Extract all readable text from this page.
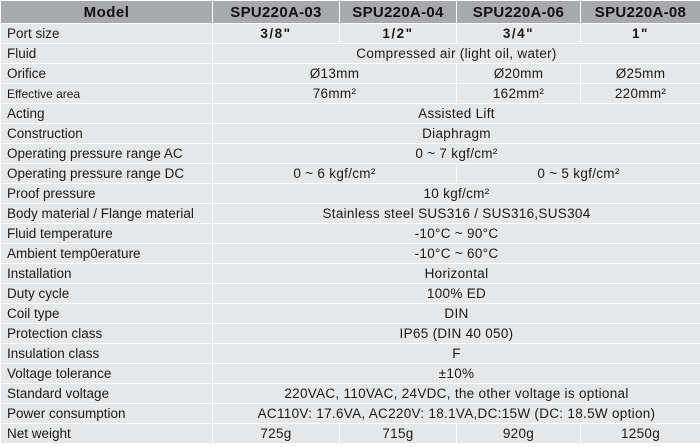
Model	SPU220A-03	SPU220A-04	SPU220A-06	SPU220A-08
Port size	3/8"	1/2"	3/4"	1"
Fluid	Compressed air (light oil, water)			
Orifice	Ø13mm		Ø20mm	Ø25mm
Effective area	76mm²		162mm²	220mm²
Acting	Assisted Lift			
Construction	Diaphragm			
Operating pressure range AC	0 ~ 7 kgf/cm²			
Operating pressure range DC	0 ~ 6 kgf/cm²		0 ~ 5 kgf/cm²	
Proof pressure	10 kgf/cm²			
Body material / Flange material	Stainless steel SUS316 / SUS316,SUS304			
Fluid temperature	-10°C ~ 90°C			
Ambient temp0erature	-10°C ~ 60°C			
Installation	Horizontal			
Duty cycle	100% ED			
Coil type	DIN			
Protection class	IP65 (DIN 40 050)			
Insulation class	F			
Voltage tolerance	±10%			
Standard voltage	220VAC, 110VAC, 24VDC, the other voltage is optional			
Power consumption	AC110V: 17.6VA, AC220V: 18.1VA,DC:15W (DC: 18.5W option)			
Net weight	725g	715g	920g	1250g
